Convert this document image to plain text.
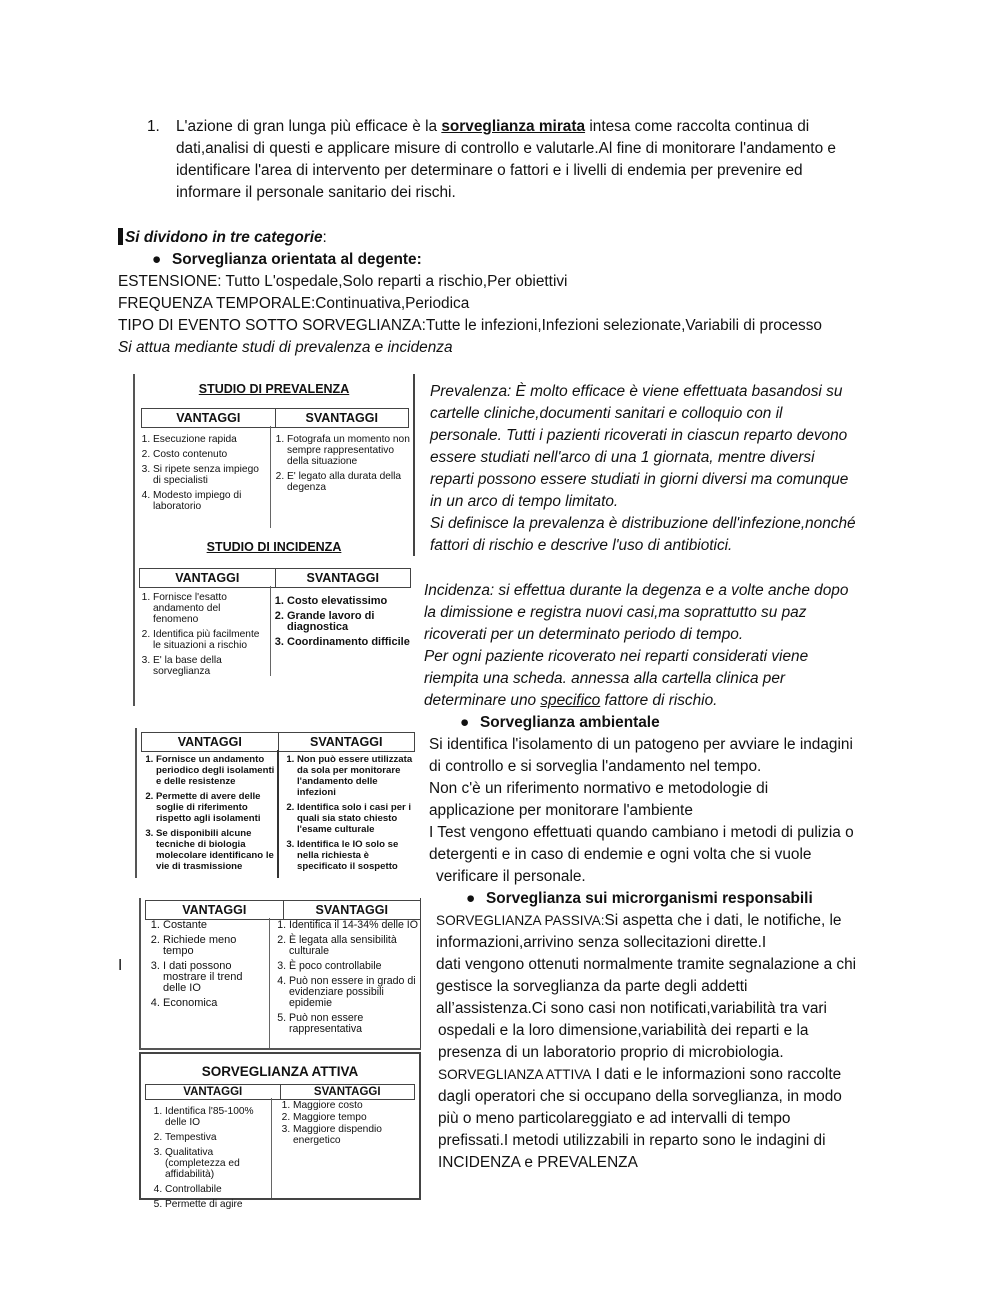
1. L'azione di gran lunga più efficace è la sorveglianza mirata intesa come raccolta continua di
dati,analisi di questi e applicare misure di controllo e valutarle.Al fine di monitorare l'andamento e
identificare l'area di intervento per determinare o fattori e i livelli di endemia per prevenire ed
informare il personale sanitario dei rischi.
Si dividono in tre categorie:
● Sorveglianza orientata al degente:
ESTENSIONE: Tutto L'ospedale,Solo reparti a rischio,Per obiettivi
FREQUENZA TEMPORALE:Continuativa,Periodica
TIPO DI EVENTO SOTTO SORVEGLIANZA:Tutte le infezioni,Infezioni selezionate,Variabili di processo
Si attua mediante studi di prevalenza e incidenza
Prevalenza: È molto efficace è viene effettuata basandosi su
cartelle cliniche,documenti sanitari e colloquio con il
personale. Tutti i pazienti ricoverati in ciascun reparto devono
essere studiati nell'arco di una 1 giornata, mentre diversi
reparti possono essere studiati in giorni diversi ma comunque
in un arco di tempo limitato.
Si definisce la prevalenza è distribuzione dell'infezione,nonché
fattori di rischio e descrive l'uso di antibiotici.
Incidenza: si effettua durante la degenza e a volte anche dopo
la dimissione e registra nuovi casi,ma soprattutto su paz
ricoverati per un determinato periodo di tempo.
Per ogni paziente ricoverato nei reparti considerati viene
riempita una scheda. annessa alla cartella clinica per
determinare uno specifico fattore di rischio.
● Sorveglianza ambientale
Si identifica l'isolamento di un patogeno per avviare le indagini
di controllo e si sorveglia l'andamento nel tempo.
Non c'è un riferimento normativo e metodologie di
applicazione per monitorare l'ambiente
I Test vengono effettuati quando cambiano i metodi di pulizia o
detergenti e in caso di endemie e ogni volta che si vuole
verificare il personale.
● Sorveglianza sui microrganismi responsabili
I
SORVEGLIANZA PASSIVA:Si aspetta che i dati, le notifiche, le
informazioni,arrivino senza sollecitazioni dirette.I
dati vengono ottenuti normalmente tramite segnalazione a chi
gestisce la sorveglianza da parte degli addetti
all’assistenza.Ci sono casi non notificati,variabilità tra vari
ospedali e la loro dimensione,variabilità dei reparti e la
presenza di un laboratorio proprio di microbiologia.
SORVEGLIANZA ATTIVA I dati e le informazioni sono raccolte
dagli operatori che si occupano della sorveglianza, in modo
più o meno particolareggiato e ad intervalli di tempo
prefissati.I metodi utilizzabili in reparto sono le indagini di
INCIDENZA e PREVALENZA
STUDIO DI PREVALENZA
VANTAGGI	SVANTAGGI
1. Esecuzione rapida
2. Costo contenuto
3. Si ripete senza impiego di specialisti
4. Modesto impiego di laboratorio
1. Fotografa un momento non sempre rappresentativo della situazione
2. E' legato alla durata della degenza
STUDIO DI INCIDENZA
VANTAGGI	SVANTAGGI
1. Fornisce l'esatto andamento del fenomeno
2. Identifica più facilmente le situazioni a rischio
3. E' la base della sorveglianza
1. Costo elevatissimo
2. Grande lavoro di diagnostica
3. Coordinamento difficile
VANTAGGI	SVANTAGGI
1. Fornisce un andamento periodico degli isolamenti e delle resistenze
2. Permette di avere delle soglie di riferimento rispetto agli isolamenti
3. Se disponibili alcune tecniche di biologia molecolare identificano le vie di trasmissione
1. Non può essere utilizzata da sola per monitorare l'andamento delle infezioni
2. Identifica solo i casi per i quali sia stato chiesto l'esame culturale
3. Identifica le IO solo se nella richiesta è specificato il sospetto
VANTAGGI	SVANTAGGI
1. Costante
2. Richiede meno tempo
3. I dati possono mostrare il trend delle IO
4. Economica
1. Identifica il 14-34% delle IO
2. È legata alla sensibilità culturale
3. È poco controllabile
4. Può non essere in grado di evidenziare possibili epidemie
5. Può non essere rappresentativa
SORVEGLIANZA ATTIVA
VANTAGGI	SVANTAGGI
1. Identifica l'85-100% delle IO
2. Tempestiva
3. Qualitativa (completezza ed affidabilità)
4. Controllabile
5. Permette di agire
1. Maggiore costo
2. Maggiore tempo
3. Maggiore dispendio energetico
